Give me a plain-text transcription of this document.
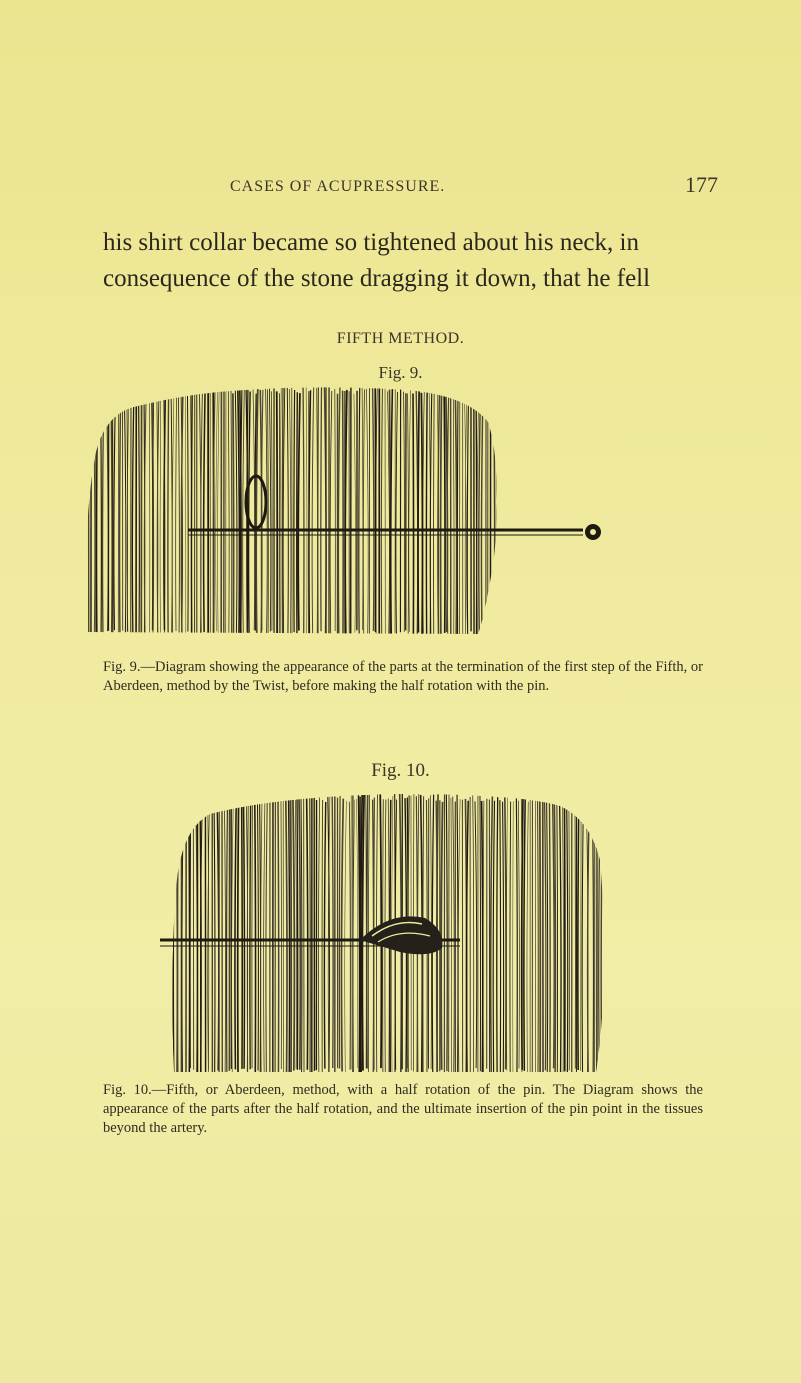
CASES OF ACUPRESSURE.	177
his shirt collar became so tightened about his neck, in
consequence of the stone dragging it down, that he fell
FIFTH METHOD.
Fig. 9.
Fig. 9.—Diagram showing the appearance of the parts at the termination of the first step of the Fifth, or Aberdeen, method by the Twist, before making the half rotation with the pin.
Fig. 10.
Fig. 10.—Fifth, or Aberdeen, method, with a half rotation of the pin. The Diagram shows the appearance of the parts after the half rotation, and the ultimate insertion of the pin point in the tissues beyond the artery.
